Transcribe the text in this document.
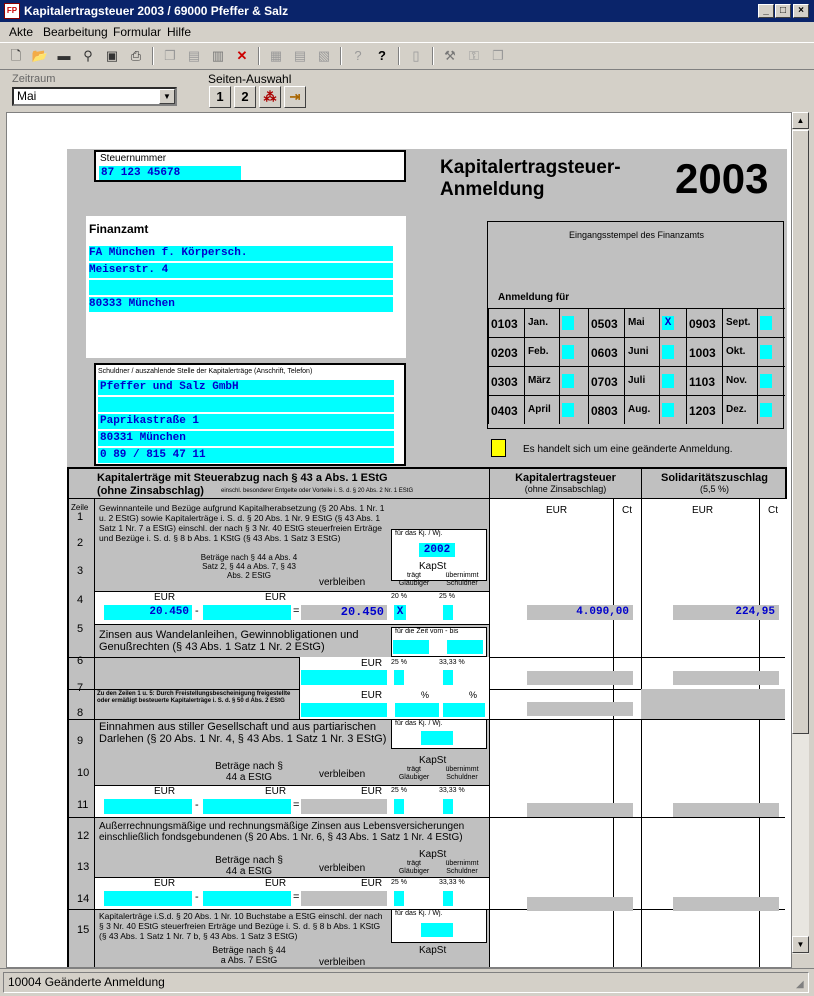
FP Kapitalertragsteuer 2003 / 69000 Pfeffer & Salz	_	□	×
Akte Bearbeitung Formular Hilfe
🗋 📂 ▬ ⚲	▣ ⎙	❐ ▤ ▥ ✕	▦ ▤ ▧	?	?	▯	⚒	⚿	❐
Zeitraum
Mai	▼
Seiten-Auswahl
1	2	⁂	⇥
Steuernummer
87 123 45678	Kapitalertragsteuer-
Anmeldung	2003
Finanzamt
FA München f. Körpersch.
Meiserstr. 4
80333 München
Schuldner / auszahlende Stelle der Kapitalerträge (Anschrift, Telefon)
Pfeffer und Salz GmbH
Paprikastraße 1
80331 München
0 89 / 815 47 11
Eingangsstempel des Finanzamts
Anmeldung für
0103	Jan.	0503	Mai	X 0903	Sept.
0203	Feb.	0603	Juni	1003	Okt.
0303	März	0703	Juli	1103	Nov.
0403	April	0803	Aug.	1203	Dez.
Es handelt sich um eine geänderte Anmeldung.
Kapitalerträge mit Steuerabzug nach § 43 a Abs. 1 EStG
(ohne Zinsabschlag)	einschl. besonderer Entgelte oder Vorteile i. S. d. § 20 Abs. 2 Nr. 1 EStG
Kapitalertragsteuer
(ohne Zinsabschlag)
Solidaritätszuschlag
(5,5 %)
Zeile	EUR	Ct	EUR	Ct
1
2
3
4
5
6
7
8
9
10
11
12
13
14
15
Gewinnanteile und Bezüge aufgrund Kapitalherabsetzung (§ 20 Abs. 1 Nr. 1 u. 2 EStG) sowie Kapitalerträge i. S. d. § 20 Abs. 1 Nr. 9 EStG (§ 43 Abs. 1 Satz 1 Nr. 7 a EStG) einschl. der nach § 3 Nr. 40 EStG steuerfreien Erträge und Bezüge i. S. d. § 8 b Abs. 1 KStG (§ 43 Abs. 1 Satz 3 EStG)	für das Kj. / Wj.
2002
Beträge nach § 44 a Abs. 4 Satz 2, § 44 a Abs. 7, § 43 Abs. 2 EStG
verbleiben
KapSt
trägt Gläubiger
übernimmt Schuldner
EUR	EUR
20.450 -	=	20.450
20 %	25 %
X	4.090,00	224,95
Zinsen aus Wandelanleihen, Gewinnobligationen und Genußrechten (§ 43 Abs. 1 Satz 1 Nr. 2 EStG)
für die Zeit vom - bis
EUR 25 %	33,33 %
Zu den Zeilen 1 u. 5: Durch Freistellungsbescheinigung freigestellte oder ermäßigt besteuerte Kapitalerträge i. S. d. § 50 d Abs. 2 EStG	EUR	%	%
Einnahmen aus stiller Gesellschaft und aus partiarischen Darlehen (§ 20 Abs. 1 Nr. 4, § 43 Abs. 1 Satz 1 Nr. 3 EStG)
für das Kj. / Wj.
Beträge nach § 44 a EStG	verbleiben
KapSt
trägt Gläubiger
übernimmt Schuldner
EUR	EUR	EUR
-	=
25 %	33,33 %
Außerrechnungsmäßige und rechnungsmäßige Zinsen aus Lebensversicherungen einschließlich fondsgebundenen (§ 20 Abs. 1 Nr. 6, § 43 Abs. 1 Satz 1 Nr. 4 EStG)
Beträge nach § 44 a EStG	verbleiben
KapSt
trägt Gläubiger
übernimmt Schuldner
EUR	EUR	EUR
-	=
25 %	33,33 %
Kapitalerträge i.S.d. § 20 Abs. 1 Nr. 10 Buchstabe a EStG einschl. der nach § 3 Nr. 40 EStG steuerfreien Erträge und Bezüge i. S. d. § 8 b Abs. 1 KStG (§ 43 Abs. 1 Satz 1 Nr. 7 b, § 43 Abs. 1 Satz 3 EStG)
für das Kj. / Wj.
Beträge nach § 44 a Abs. 7 EStG	verbleiben
KapSt
▲
▼
10004 Geänderte Anmeldung	◢
